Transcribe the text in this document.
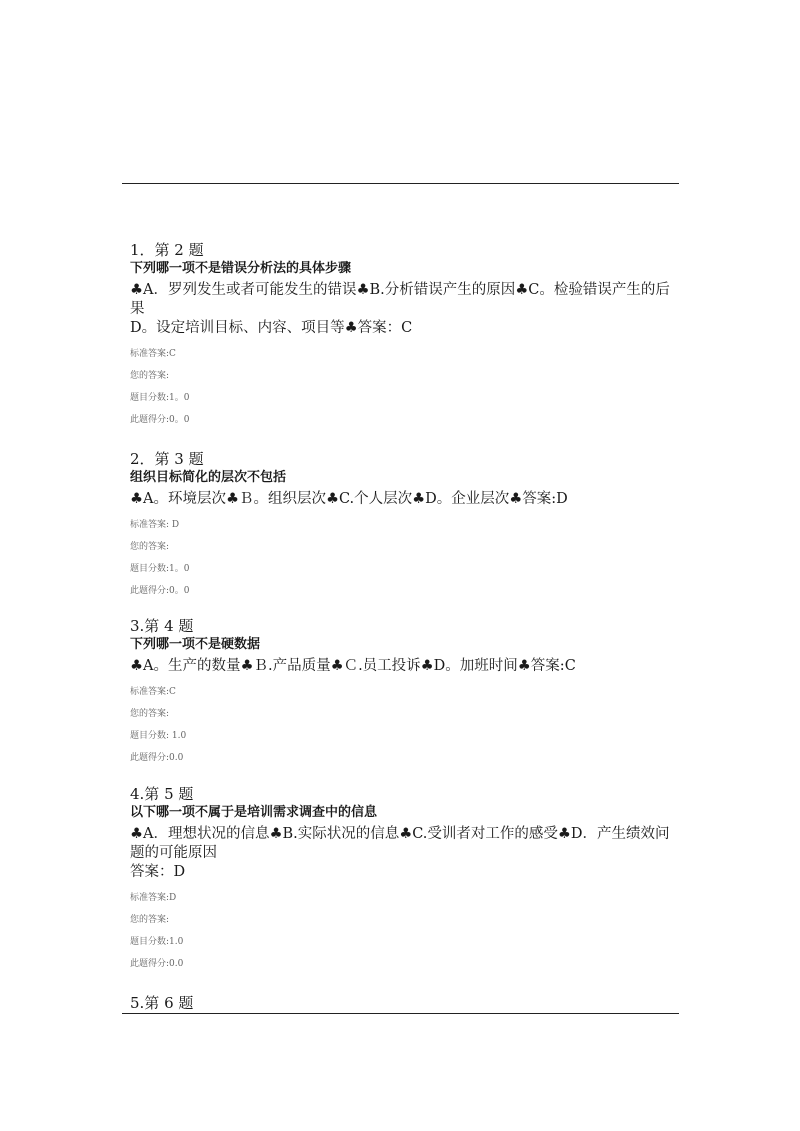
1．第 2 题
下列哪一项不是错误分析法的具体步骤
♣A．罗列发生或者可能发生的错误♣B.分析错误产生的原因♣C。检验错误产生的后果
D。设定培训目标、内容、项目等♣答案：C
标准答案:C
您的答案:
题目分数:1。0
此题得分:0。0
2．第 3 题
组织目标简化的层次不包括
♣A。环境层次♣Ｂ。组织层次♣C.个人层次♣D。企业层次♣答案:D
标准答案: D
您的答案:
题目分数:1。0
此题得分:0。0
3.第 4 题
下列哪一项不是硬数据
♣A。生产的数量♣Ｂ.产品质量♣Ｃ.员工投诉♣D。加班时间♣答案:C
标准答案:C
您的答案:
题目分数: 1.0
此题得分:0.0
4.第 5 题
以下哪一项不属于是培训需求调查中的信息
♣A．理想状况的信息♣B.实际状况的信息♣C.受训者对工作的感受♣D．产生绩效问题的可能原因
答案：D
标准答案:D
您的答案:
题目分数:1.0
此题得分:0.0
5.第 6 题
